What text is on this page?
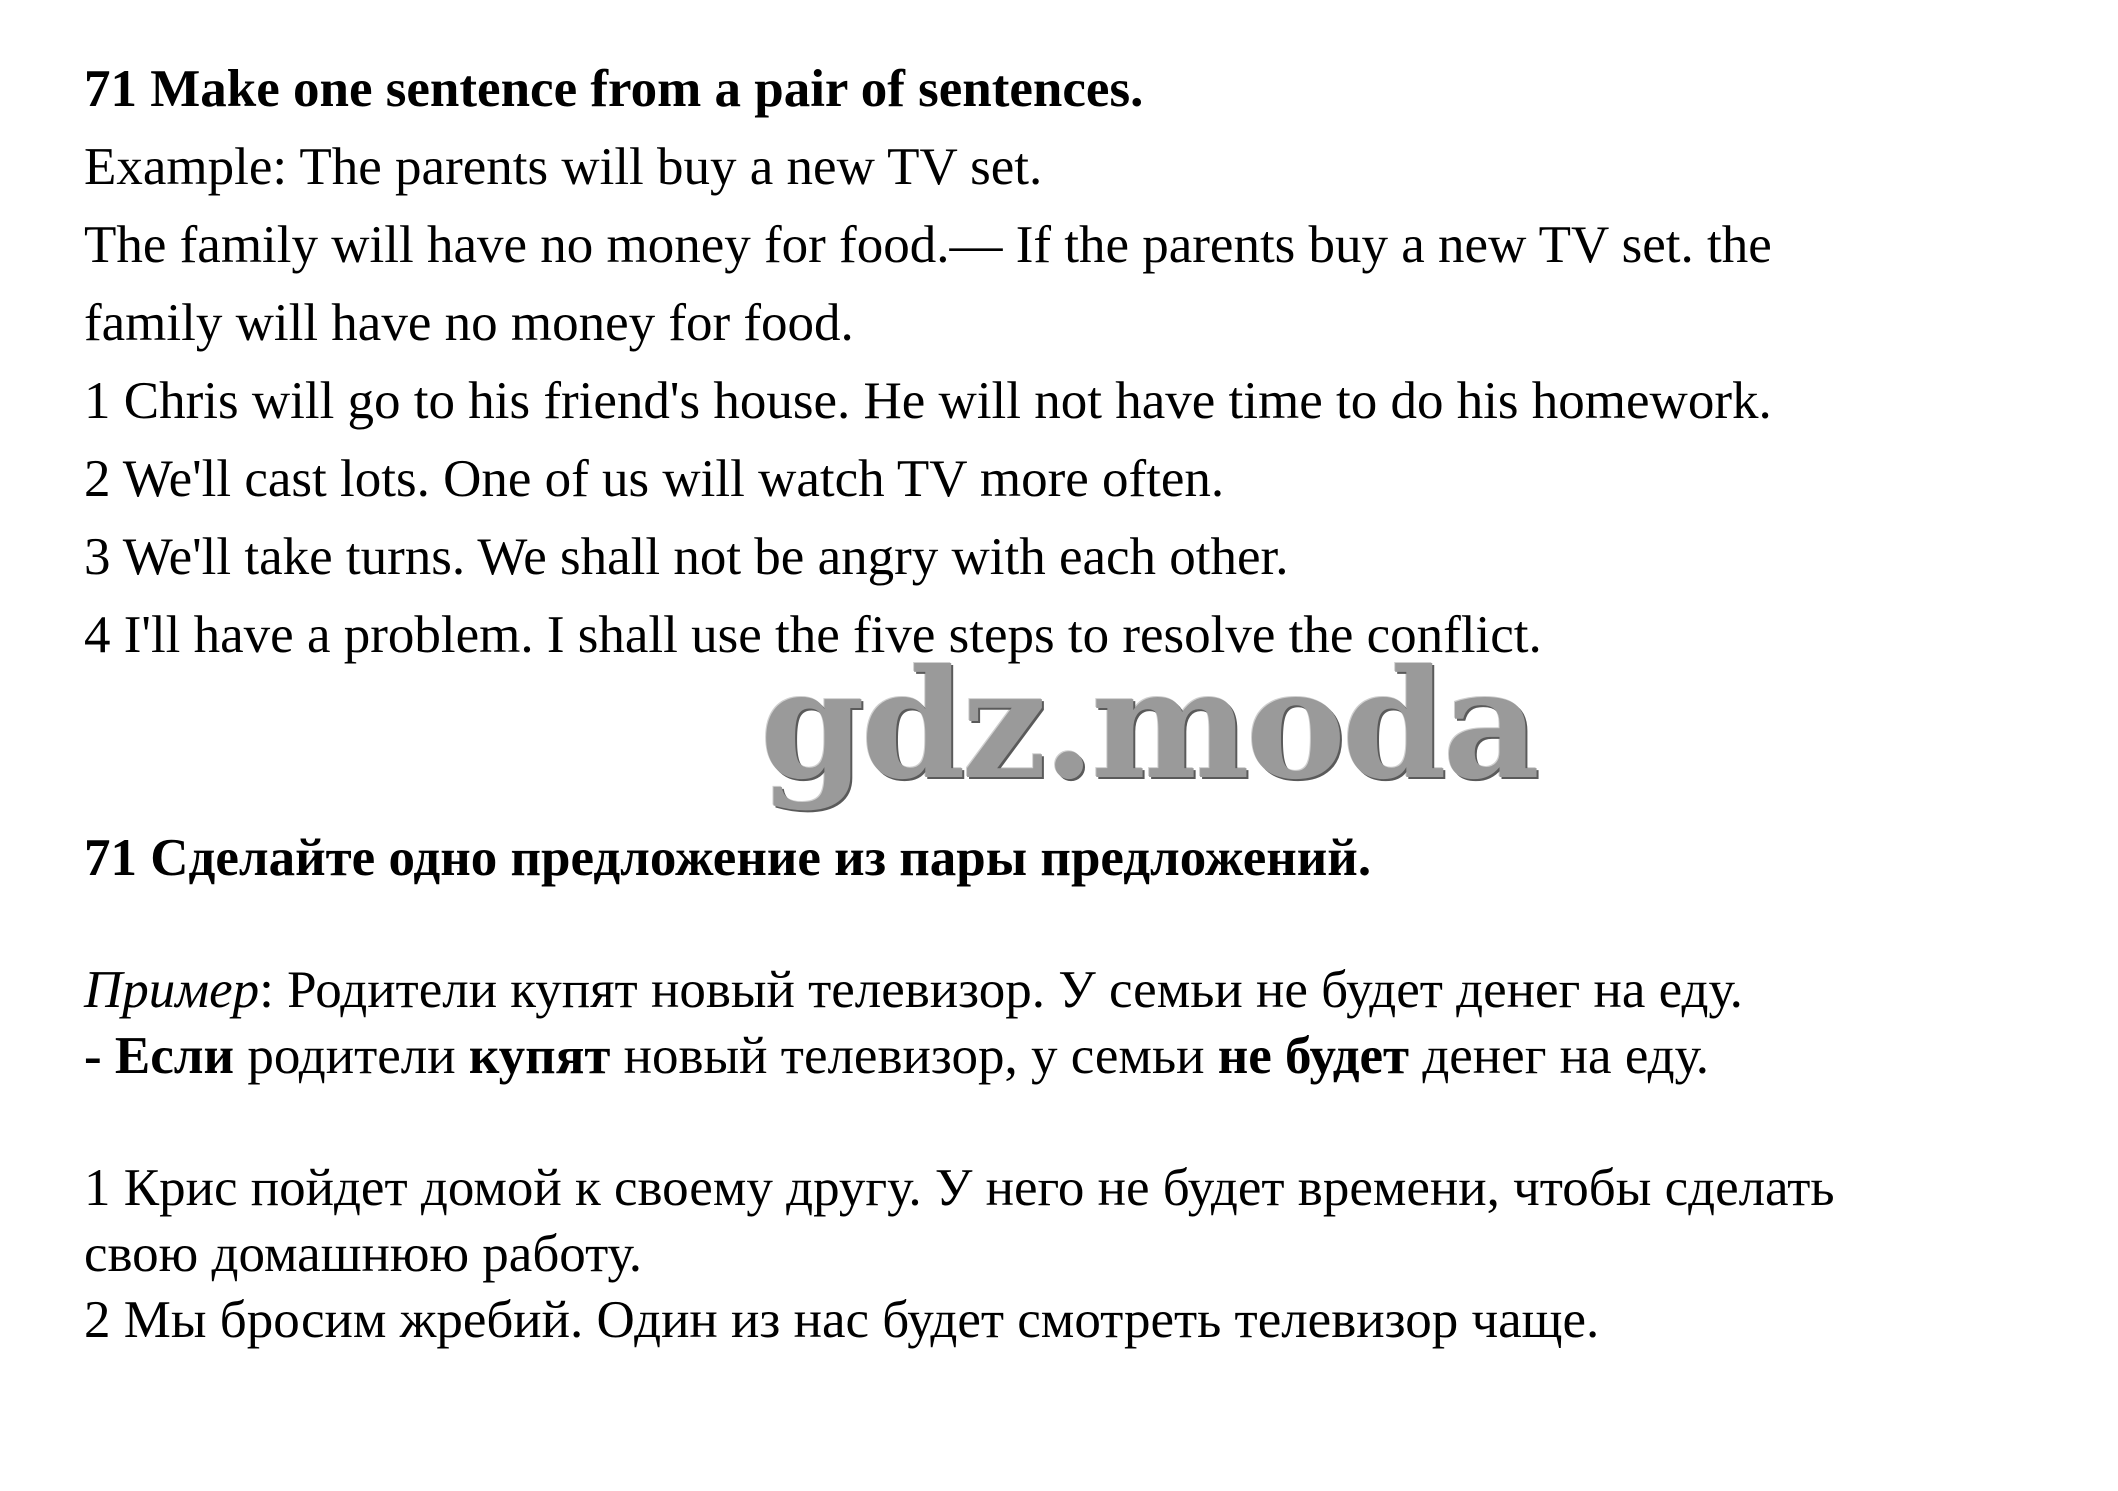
71 Make one sentence from a pair of sentences.
Example: The parents will buy a new TV set.
The family will have no money for food.— If the parents buy a new TV set. the
family will have no money for food.
1 Chris will go to his friend's house. He will not have time to do his homework.
2 We'll cast lots. One of us will watch TV more often.
3 We'll take turns. We shall not be angry with each other.
4 I'll have a problem. I shall use the five steps to resolve the conflict.
gdz.moda
71 Сделайте одно предложение из пары предложений.
Пример: Родители купят новый телевизор. У семьи не будет денег на еду.
- Если родители купят новый телевизор, у семьи не будет денег на еду.
1 Крис пойдет домой к своему другу. У него не будет времени, чтобы сделать
свою домашнюю работу.
2 Мы бросим жребий. Один из нас будет смотреть телевизор чаще.
